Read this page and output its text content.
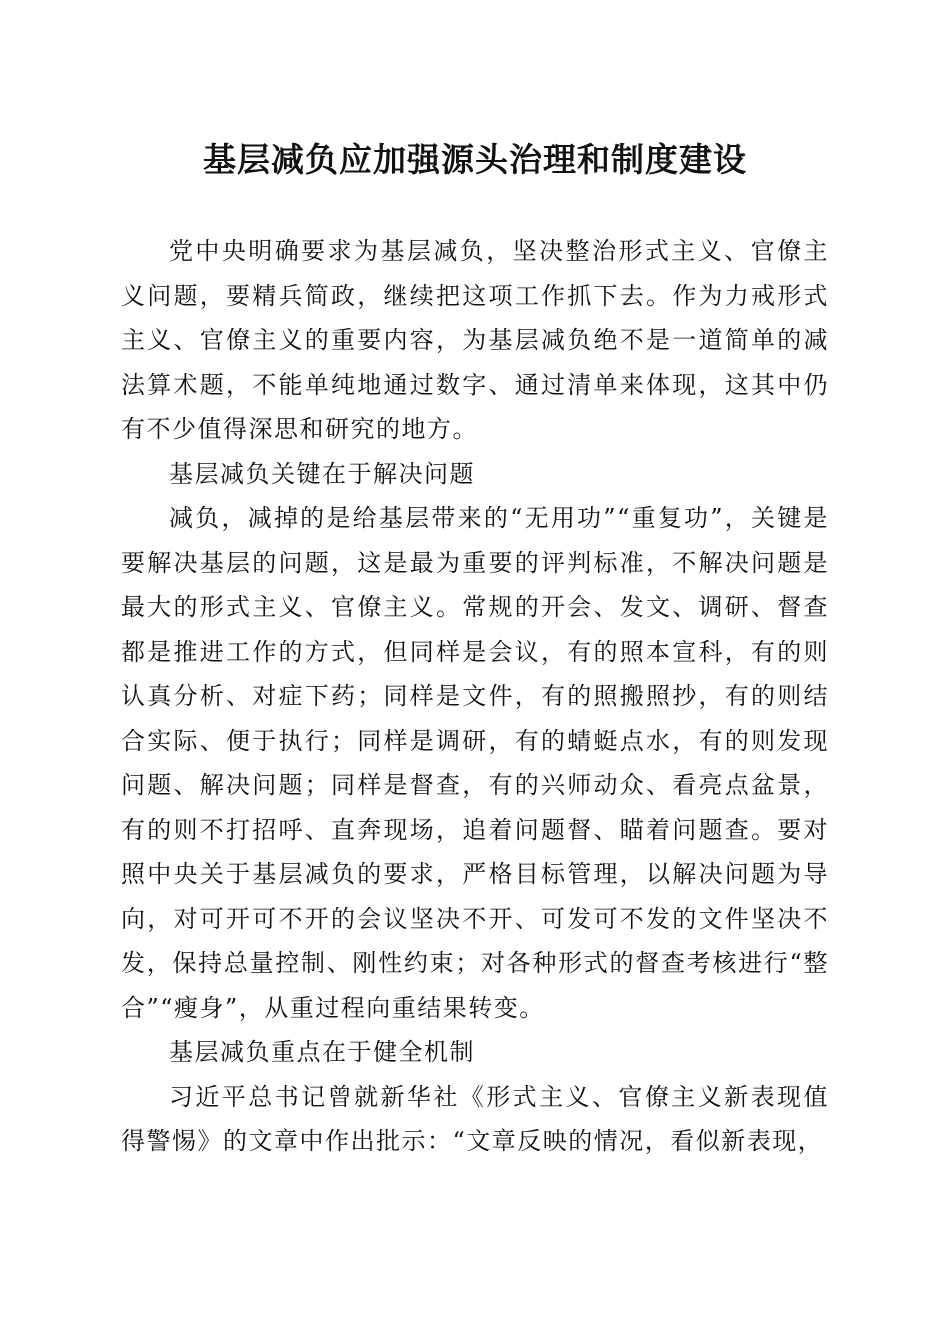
基层减负应加强源头治理和制度建设

党中央明确要求为基层减负，坚决整治形式主义、官僚主义问题，要精兵简政，继续把这项工作抓下去。作为力戒形式主义、官僚主义的重要内容，为基层减负绝不是一道简单的减法算术题，不能单纯地通过数字、通过清单来体现，这其中仍有不少值得深思和研究的地方。

基层减负关键在于解决问题

减负，减掉的是给基层带来的“无用功”“重复功”，关键是要解决基层的问题，这是最为重要的评判标准，不解决问题是最大的形式主义、官僚主义。常规的开会、发文、调研、督查都是推进工作的方式，但同样是会议，有的照本宣科，有的则认真分析、对症下药；同样是文件，有的照搬照抄，有的则结合实际、便于执行；同样是调研，有的蜻蜓点水，有的则发现问题、解决问题；同样是督查，有的兴师动众、看亮点盆景，有的则不打招呼、直奔现场，追着问题督、瞄着问题查。要对照中央关于基层减负的要求，严格目标管理，以解决问题为导向，对可开可不开的会议坚决不开、可发可不发的文件坚决不发，保持总量控制、刚性约束；对各种形式的督查考核进行“整合”“瘦身”，从重过程向重结果转变。

基层减负重点在于健全机制

习近平总书记曾就新华社《形式主义、官僚主义新表现值得警惕》的文章中作出批示：“文章反映的情况，看似新表现，
